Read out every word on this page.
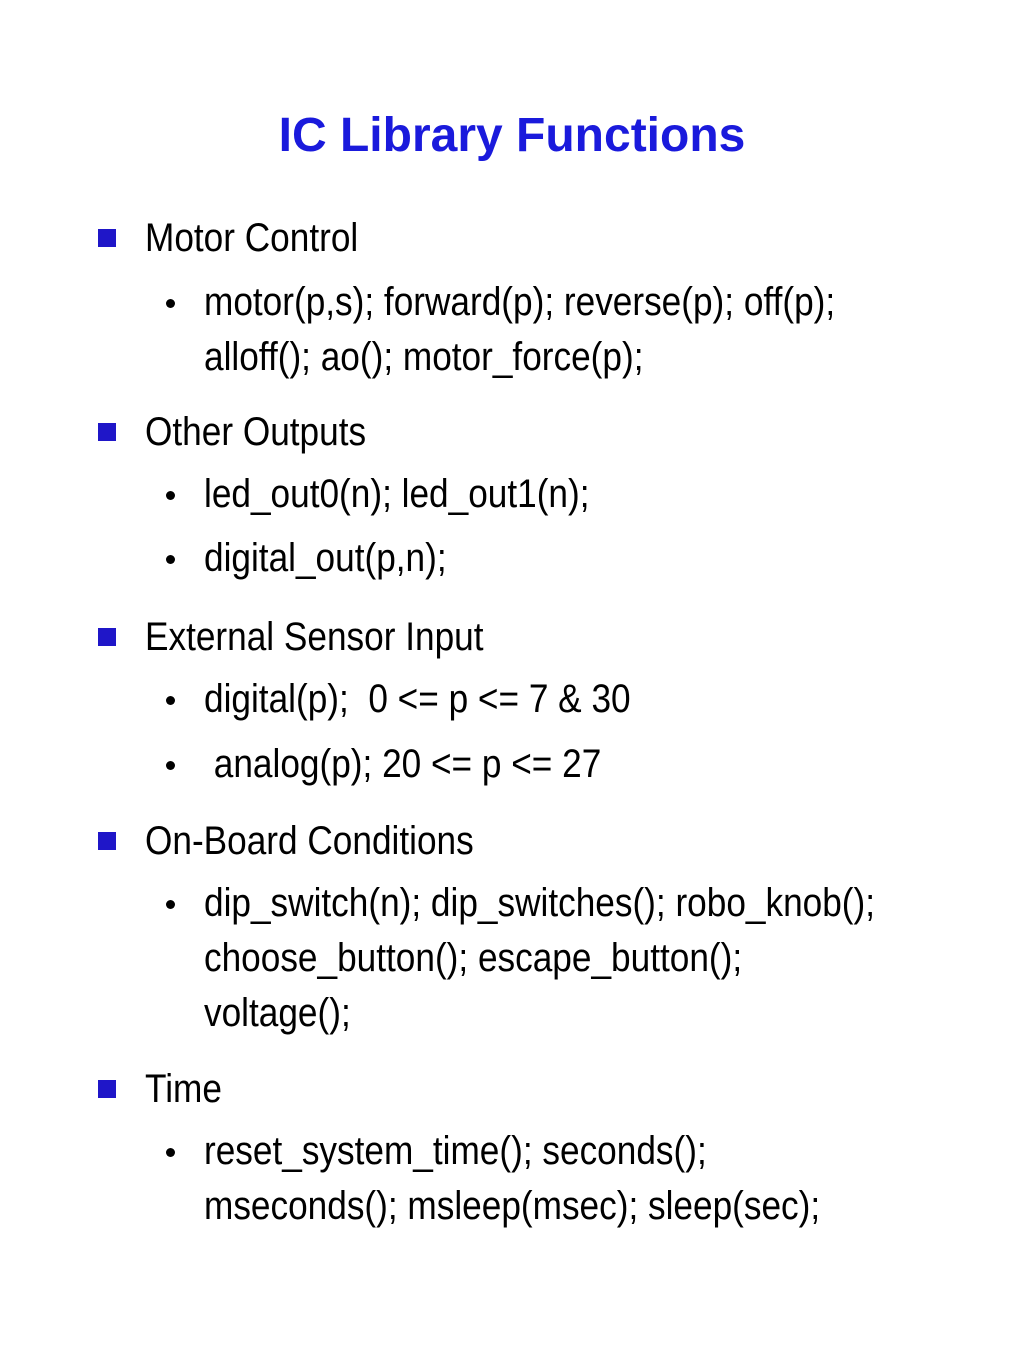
IC Library Functions
Motor Control
motor(p,s); forward(p); reverse(p); off(p);
alloff(); ao(); motor_force(p);
Other Outputs
led_out0(n); led_out1(n);
digital_out(p,n);
External Sensor Input
digital(p);  0 <= p <= 7 & 30
analog(p); 20 <= p <= 27
On-Board Conditions
dip_switch(n); dip_switches(); robo_knob();
choose_button(); escape_button();
voltage();
Time
reset_system_time(); seconds();
mseconds(); msleep(msec); sleep(sec);
